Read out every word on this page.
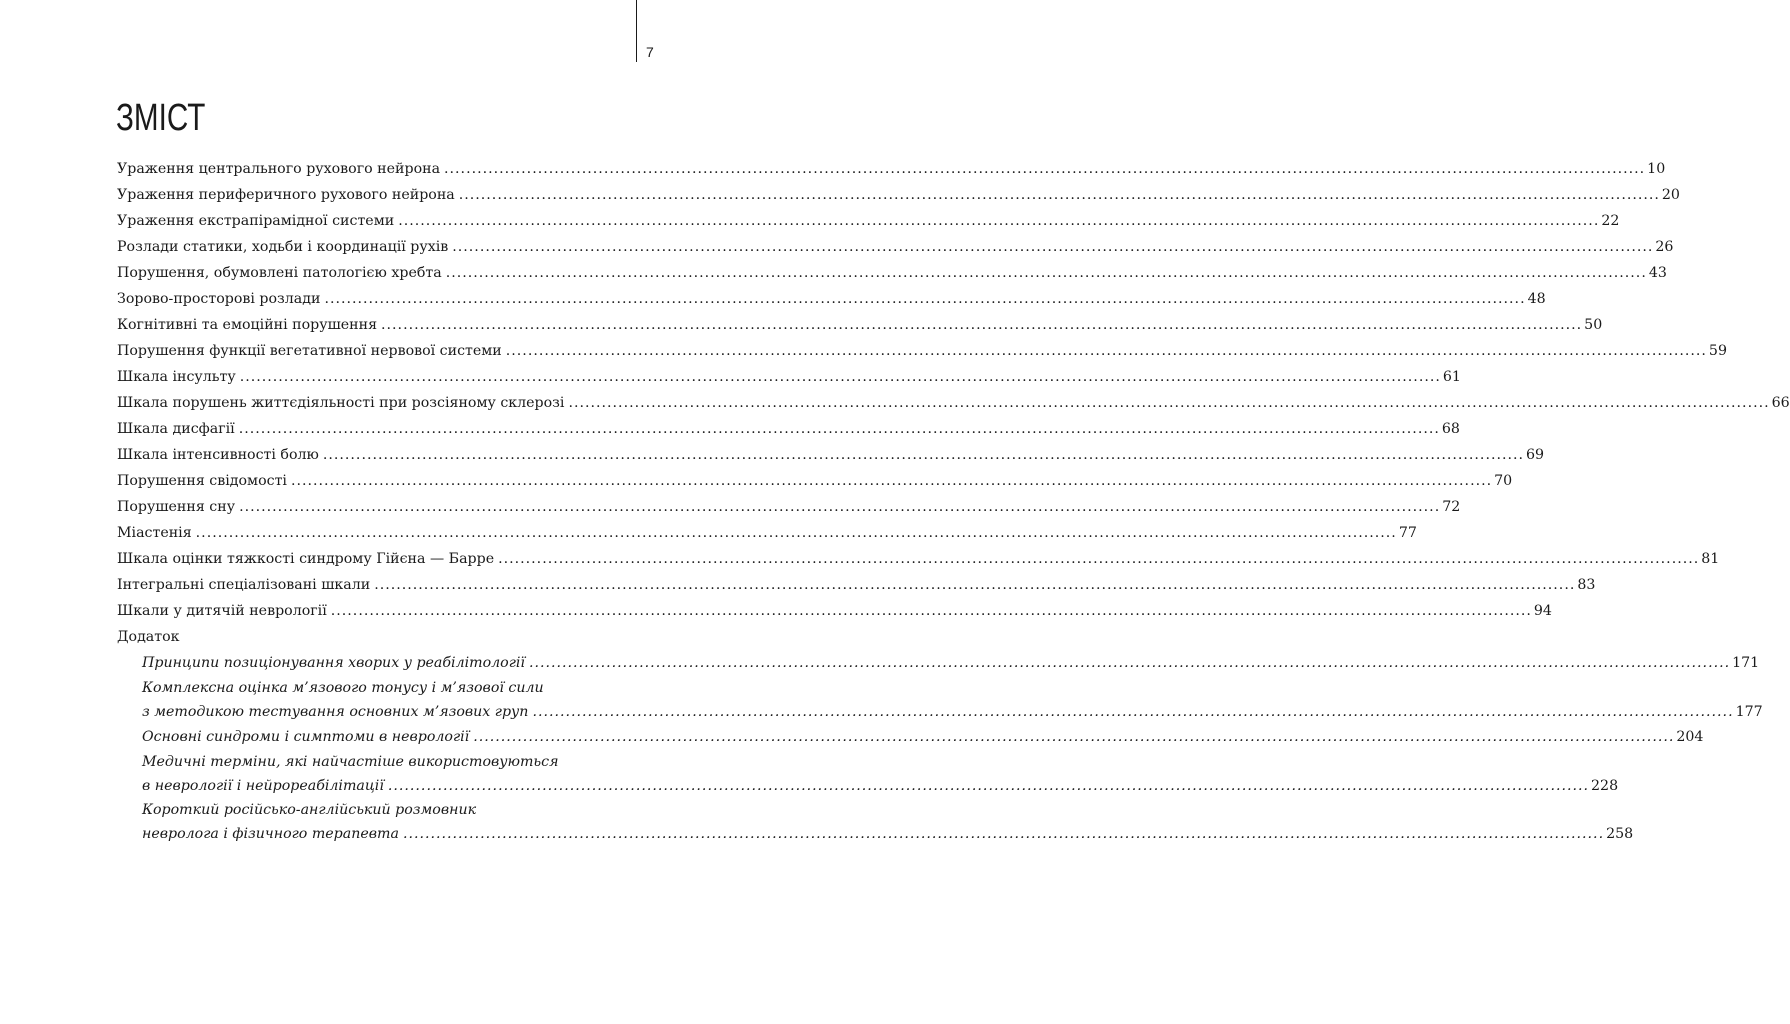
7
ЗМІСТ
Ураження центрального рухового нейрона .....	10
Ураження периферичного рухового нейрона .....	20
Ураження екстрапірамідної системи .....	22
Розлади статики, ходьби і координації рухів .....	26
Порушення, обумовлені патологією хребта .....	43
Зорово-просторові розлади .....	48
Когнітивні та емоційні порушення .....	50
Порушення функції вегетативної нервової системи .....	59
Шкала інсульту .....	61
Шкала порушень життєдіяльності при розсіяному склерозі .....	66
Шкала дисфагії .....	68
Шкала інтенсивності болю .....	69
Порушення свідомості .....	70
Порушення сну .....	72
Міастенія .....	77
Шкала оцінки тяжкості синдрому Гійєна — Барре .....	81
Інтегральні спеціалізовані шкали .....	83
Шкали у дитячій неврології .....	94
Додаток
Принципи позиціонування хворих у реабілітології .....	171
Комплексна оцінка м’язового тонусу і м’язової сили
з методикою тестування основних м’язових груп .....	177
Основні синдроми і симптоми в неврології .....	204
Медичні терміни, які найчастіше використовуються
в неврології і нейрореабілітації .....	228
Короткий російсько-англійський розмовник
невролога і фізичного терапевта .....	258
